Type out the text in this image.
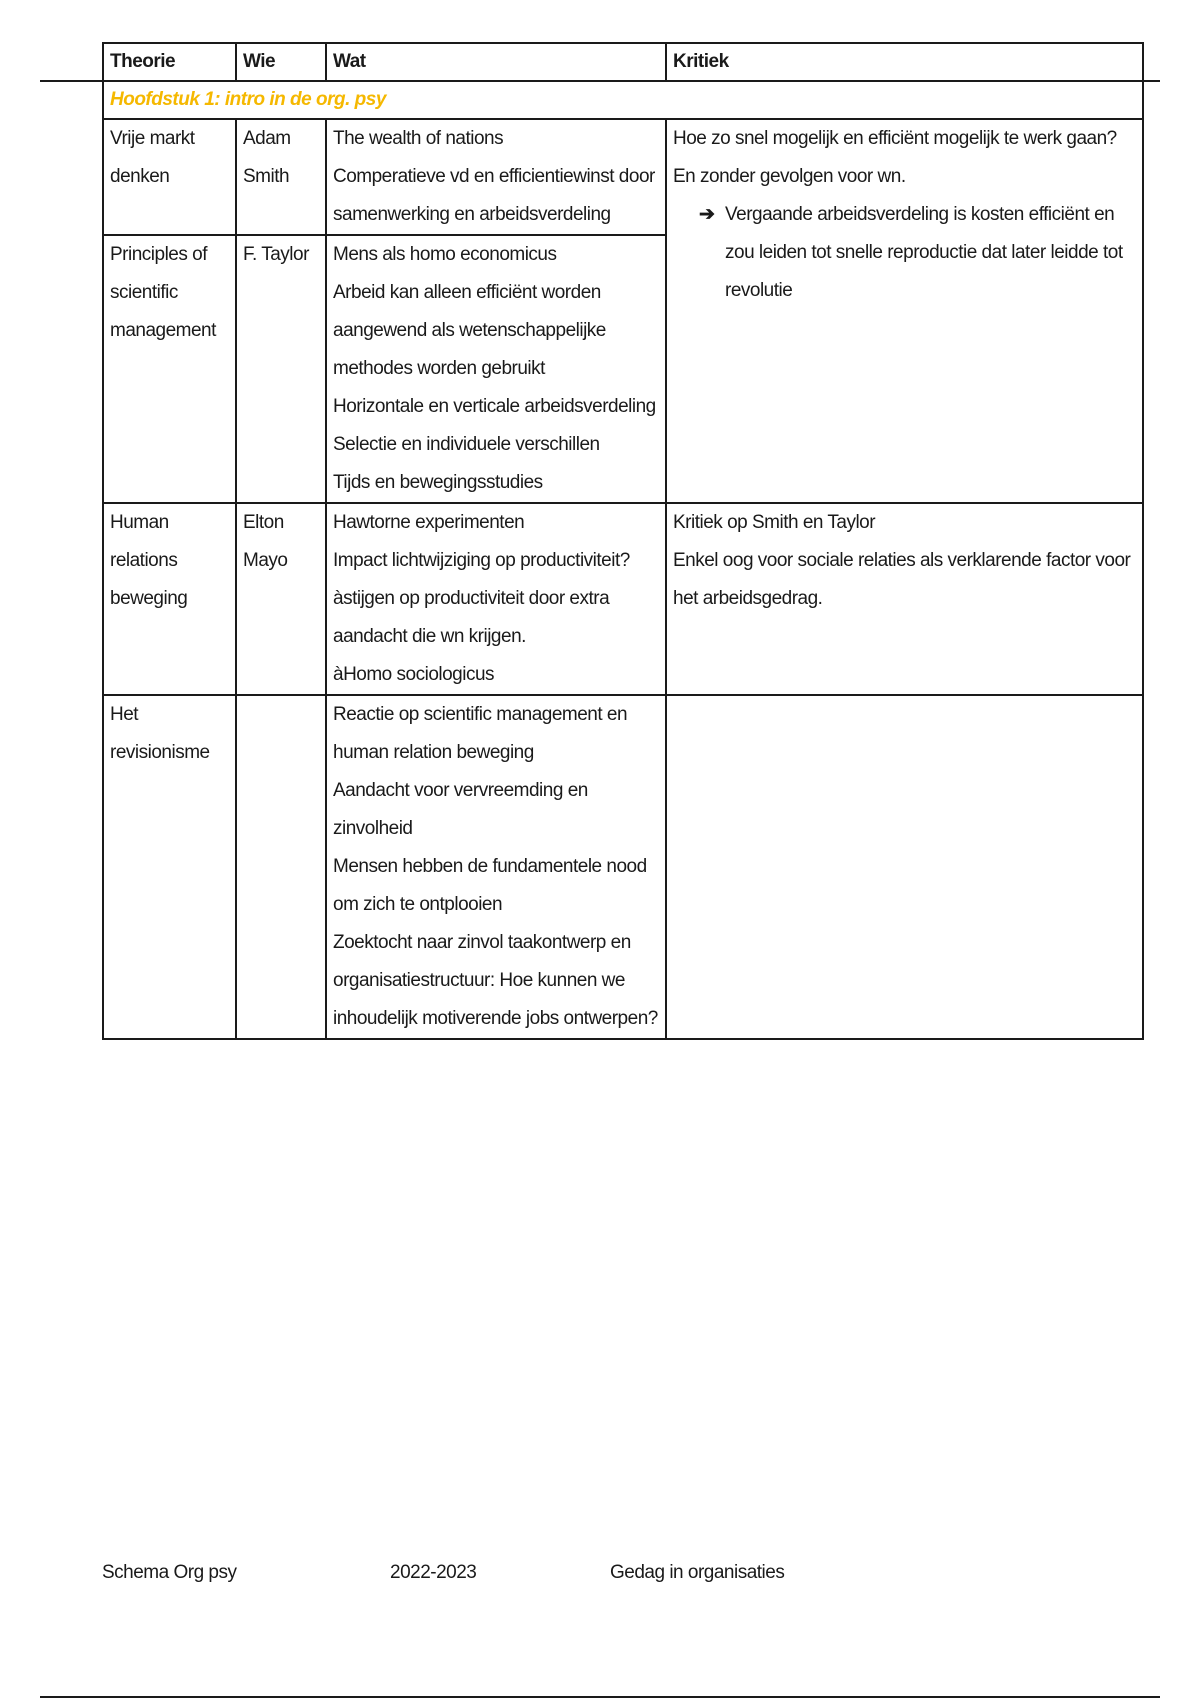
Theorie	Wie	Wat	Kritiek
Hoofdstuk 1: intro in de org. psy			
Vrije markt denken	Adam Smith	The wealth of nations
Comperatieve vd en efficientiewinst door samenwerking en arbeidsverdeling	Hoe zo snel mogelijk en efficiënt mogelijk te werk gaan? En zonder gevolgen voor wn.
➔ Vergaande arbeidsverdeling is kosten efficiënt en zou leiden tot snelle reproductie dat later leidde tot revolutie

Principles of scientific management	F. Taylor	Mens als homo economicus
Arbeid kan alleen efficiënt worden aangewend als wetenschappelijke methodes worden gebruikt
Horizontale en verticale arbeidsverdeling
Selectie en individuele verschillen
Tijds en bewegingsstudies	

Human relations beweging	Elton Mayo	Hawtorne experimenten
Impact lichtwijziging op productiviteit?
àstijgen op productiviteit door extra aandacht die wn krijgen.
àHomo sociologicus	Kritiek op Smith en Taylor
Enkel oog voor sociale relaties als verklarende factor voor het arbeidsgedrag.

Het revisionisme		Reactie op scientific management en human relation beweging
Aandacht voor vervreemding en zinvolheid
Mensen hebben de fundamentele nood om zich te ontplooien
Zoektocht naar zinvol taakontwerp en organisatiestructuur: Hoe kunnen we inhoudelijk motiverende jobs ontwerpen?	

Schema Org psy	2022-2023	Gedag in organisaties
